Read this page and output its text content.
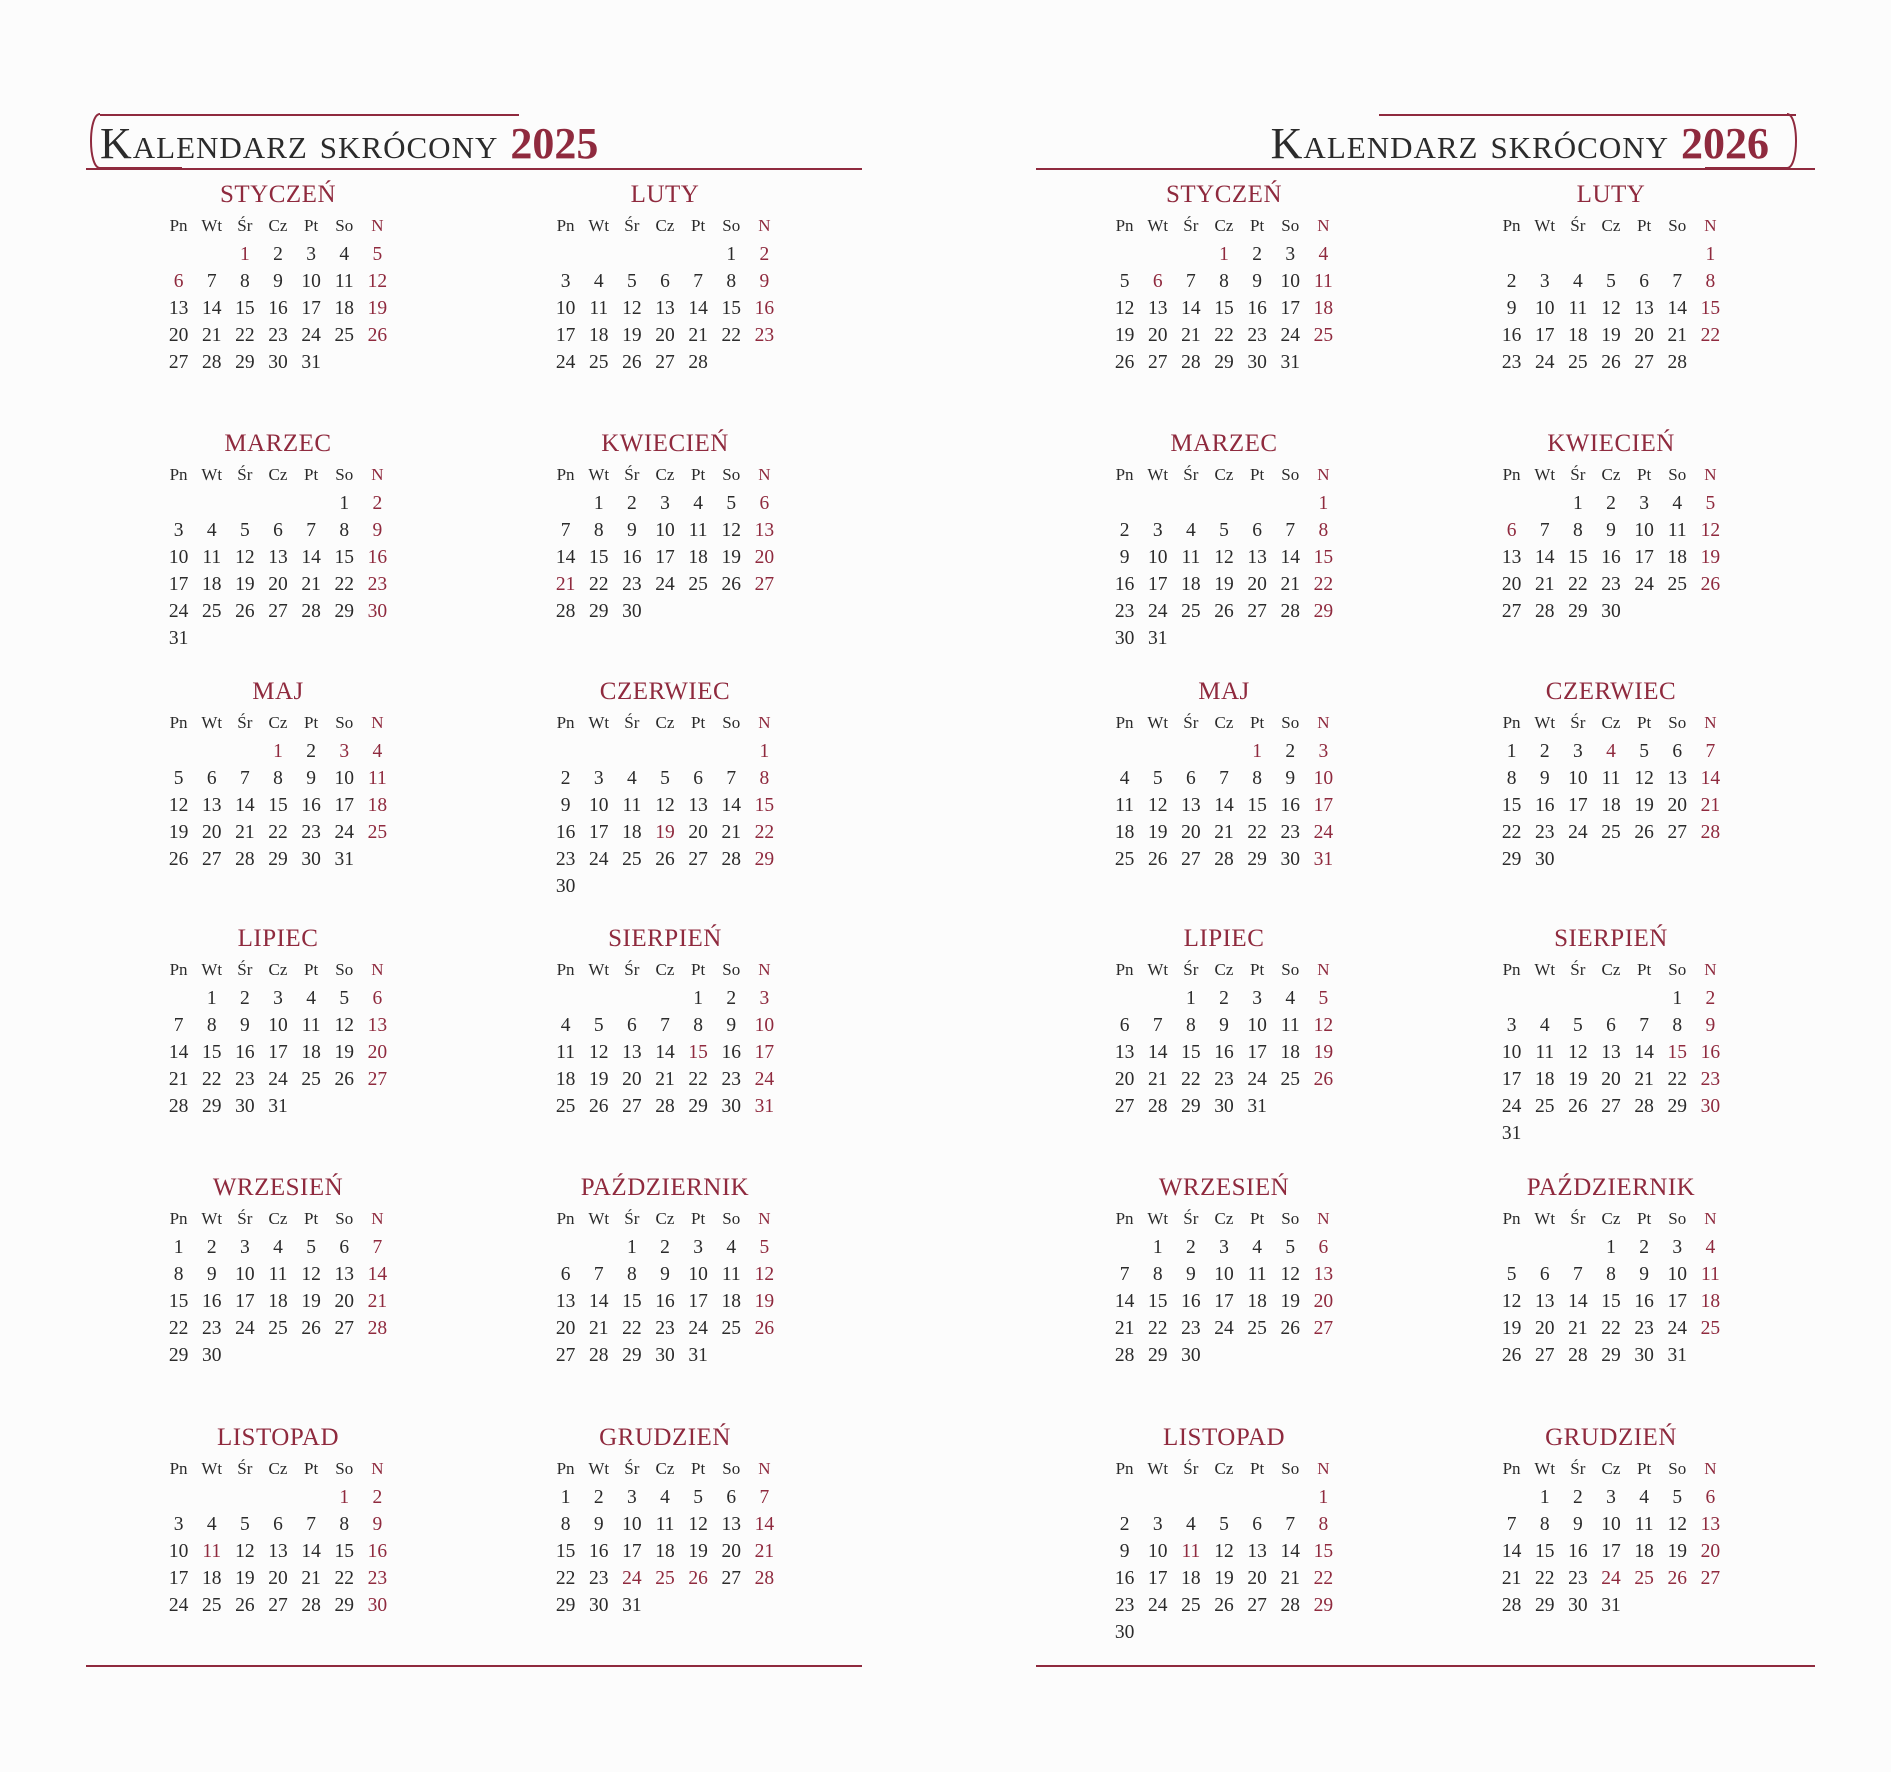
Kalendarz skrócony 2025
STYCZEŃ
Pn	Wt	Śr	Cz	Pt	So	N
		1	2	3	4	5
6	7	8	9	10	11	12
13	14	15	16	17	18	19
20	21	22	23	24	25	26
27	28	29	30	31		
LUTY
Pn	Wt	Śr	Cz	Pt	So	N
					1	2
3	4	5	6	7	8	9
10	11	12	13	14	15	16
17	18	19	20	21	22	23
24	25	26	27	28		
MARZEC
Pn	Wt	Śr	Cz	Pt	So	N
					1	2
3	4	5	6	7	8	9
10	11	12	13	14	15	16
17	18	19	20	21	22	23
24	25	26	27	28	29	30
31						
KWIECIEŃ
Pn	Wt	Śr	Cz	Pt	So	N
	1	2	3	4	5	6
7	8	9	10	11	12	13
14	15	16	17	18	19	20
21	22	23	24	25	26	27
28	29	30				
MAJ
Pn	Wt	Śr	Cz	Pt	So	N
			1	2	3	4
5	6	7	8	9	10	11
12	13	14	15	16	17	18
19	20	21	22	23	24	25
26	27	28	29	30	31	
CZERWIEC
Pn	Wt	Śr	Cz	Pt	So	N
						1
2	3	4	5	6	7	8
9	10	11	12	13	14	15
16	17	18	19	20	21	22
23	24	25	26	27	28	29
30						
LIPIEC
Pn	Wt	Śr	Cz	Pt	So	N
	1	2	3	4	5	6
7	8	9	10	11	12	13
14	15	16	17	18	19	20
21	22	23	24	25	26	27
28	29	30	31			
SIERPIEŃ
Pn	Wt	Śr	Cz	Pt	So	N
				1	2	3
4	5	6	7	8	9	10
11	12	13	14	15	16	17
18	19	20	21	22	23	24
25	26	27	28	29	30	31
WRZESIEŃ
Pn	Wt	Śr	Cz	Pt	So	N
1	2	3	4	5	6	7
8	9	10	11	12	13	14
15	16	17	18	19	20	21
22	23	24	25	26	27	28
29	30					
PAŹDZIERNIK
Pn	Wt	Śr	Cz	Pt	So	N
		1	2	3	4	5
6	7	8	9	10	11	12
13	14	15	16	17	18	19
20	21	22	23	24	25	26
27	28	29	30	31		
LISTOPAD
Pn	Wt	Śr	Cz	Pt	So	N
					1	2
3	4	5	6	7	8	9
10	11	12	13	14	15	16
17	18	19	20	21	22	23
24	25	26	27	28	29	30
GRUDZIEŃ
Pn	Wt	Śr	Cz	Pt	So	N
1	2	3	4	5	6	7
8	9	10	11	12	13	14
15	16	17	18	19	20	21
22	23	24	25	26	27	28
29	30	31				
Kalendarz skrócony 2026
STYCZEŃ
Pn	Wt	Śr	Cz	Pt	So	N
			1	2	3	4
5	6	7	8	9	10	11
12	13	14	15	16	17	18
19	20	21	22	23	24	25
26	27	28	29	30	31	
LUTY
Pn	Wt	Śr	Cz	Pt	So	N
						1
2	3	4	5	6	7	8
9	10	11	12	13	14	15
16	17	18	19	20	21	22
23	24	25	26	27	28	
MARZEC
Pn	Wt	Śr	Cz	Pt	So	N
						1
2	3	4	5	6	7	8
9	10	11	12	13	14	15
16	17	18	19	20	21	22
23	24	25	26	27	28	29
30	31					
KWIECIEŃ
Pn	Wt	Śr	Cz	Pt	So	N
		1	2	3	4	5
6	7	8	9	10	11	12
13	14	15	16	17	18	19
20	21	22	23	24	25	26
27	28	29	30			
MAJ
Pn	Wt	Śr	Cz	Pt	So	N
				1	2	3
4	5	6	7	8	9	10
11	12	13	14	15	16	17
18	19	20	21	22	23	24
25	26	27	28	29	30	31
CZERWIEC
Pn	Wt	Śr	Cz	Pt	So	N
1	2	3	4	5	6	7
8	9	10	11	12	13	14
15	16	17	18	19	20	21
22	23	24	25	26	27	28
29	30					
LIPIEC
Pn	Wt	Śr	Cz	Pt	So	N
		1	2	3	4	5
6	7	8	9	10	11	12
13	14	15	16	17	18	19
20	21	22	23	24	25	26
27	28	29	30	31		
SIERPIEŃ
Pn	Wt	Śr	Cz	Pt	So	N
					1	2
3	4	5	6	7	8	9
10	11	12	13	14	15	16
17	18	19	20	21	22	23
24	25	26	27	28	29	30
31						
WRZESIEŃ
Pn	Wt	Śr	Cz	Pt	So	N
	1	2	3	4	5	6
7	8	9	10	11	12	13
14	15	16	17	18	19	20
21	22	23	24	25	26	27
28	29	30				
PAŹDZIERNIK
Pn	Wt	Śr	Cz	Pt	So	N
			1	2	3	4
5	6	7	8	9	10	11
12	13	14	15	16	17	18
19	20	21	22	23	24	25
26	27	28	29	30	31	
LISTOPAD
Pn	Wt	Śr	Cz	Pt	So	N
						1
2	3	4	5	6	7	8
9	10	11	12	13	14	15
16	17	18	19	20	21	22
23	24	25	26	27	28	29
30						
GRUDZIEŃ
Pn	Wt	Śr	Cz	Pt	So	N
	1	2	3	4	5	6
7	8	9	10	11	12	13
14	15	16	17	18	19	20
21	22	23	24	25	26	27
28	29	30	31			
